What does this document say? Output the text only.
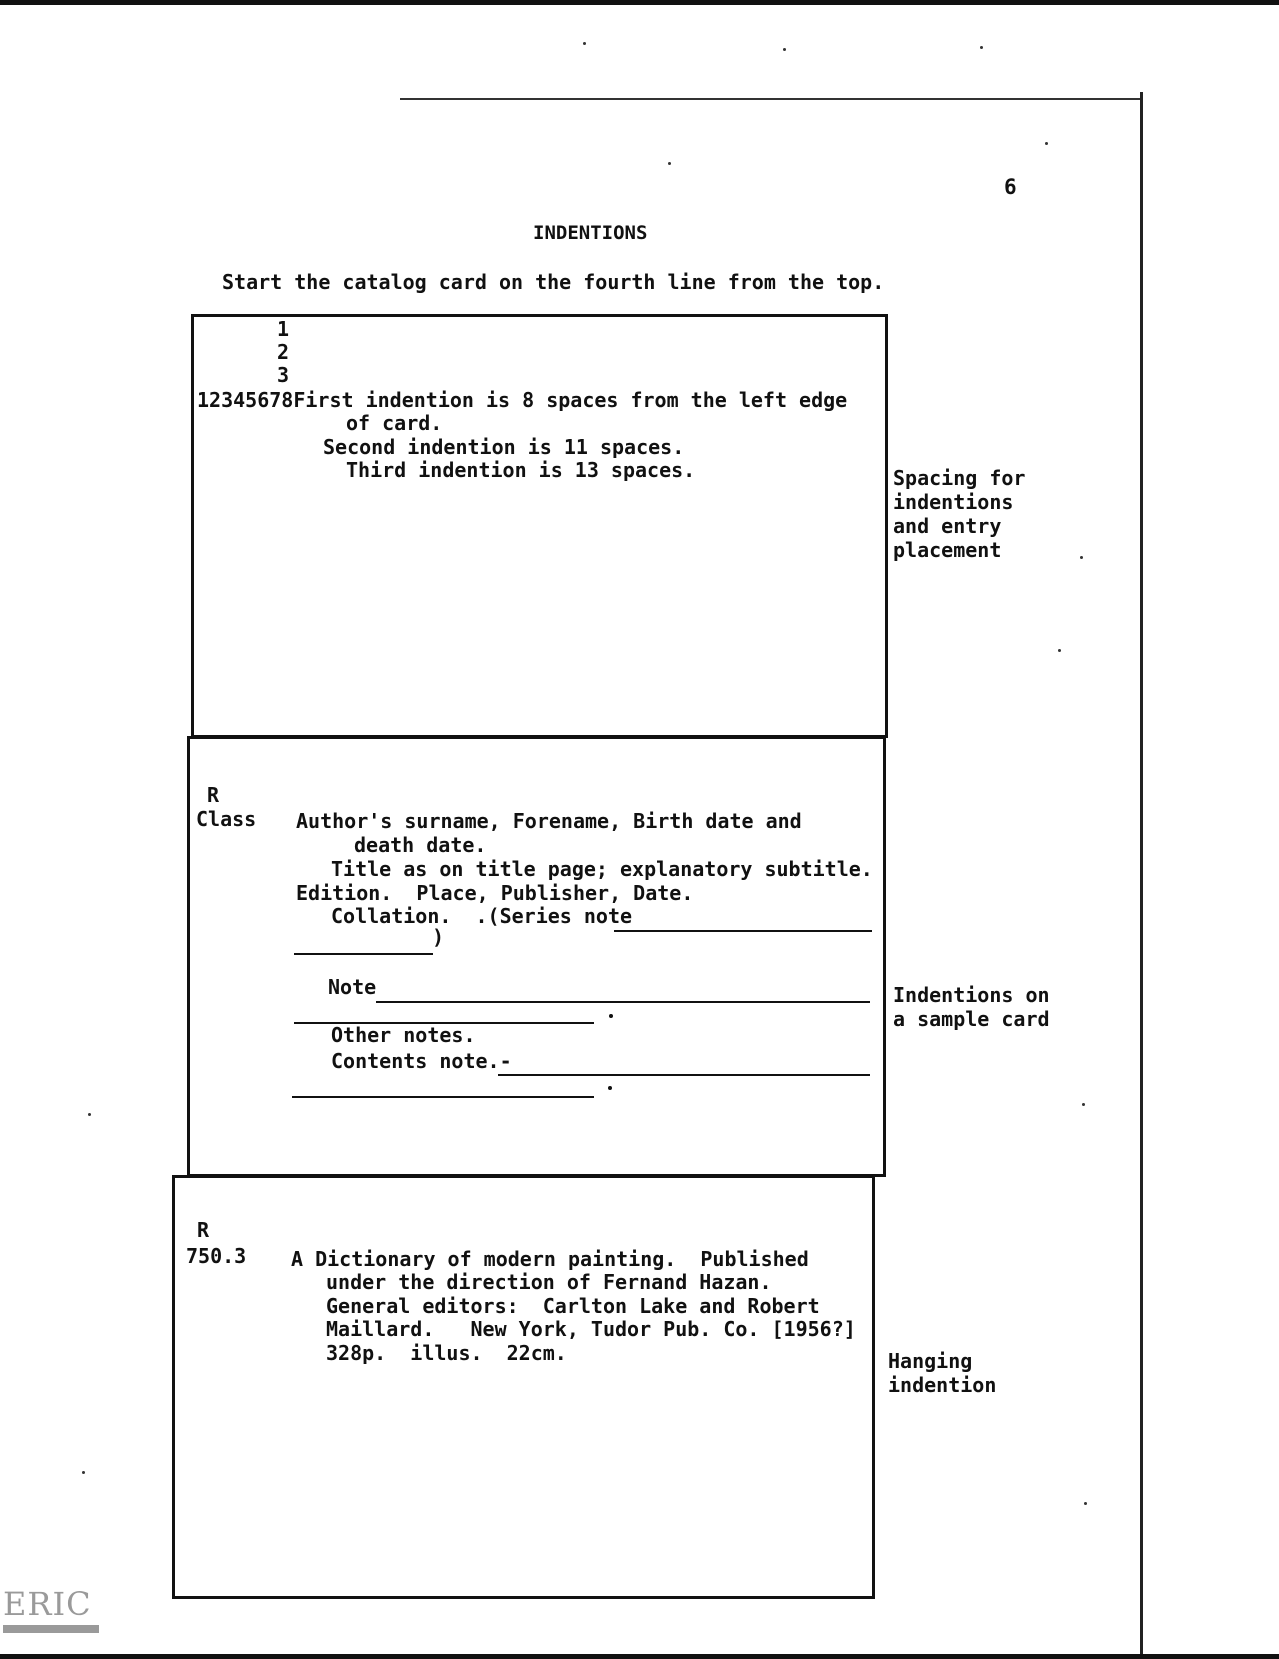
6
INDENTIONS
Start the catalog card on the fourth line from the top.
1
2
3
12345678First indention is 8 spaces from the left edge
of card.
Second indention is 11 spaces.
Third indention is 13 spaces.
R
Class Author's surname, Forename, Birth date and
death date.
Title as on title page; explanatory subtitle.
Edition.  Place, Publisher, Date.
Collation.  .(Series note
)
Note
Other notes.
Contents note.-
R
750.3 A Dictionary of modern painting.  Published
under the direction of Fernand Hazan.
General editors:  Carlton Lake and Robert
Maillard.   New York, Tudor Pub. Co. [1956?]
328p.  illus.  22cm.
Spacing for
indentions
and entry
placement
Indentions on
a sample card
Hanging
indention
ERIC
